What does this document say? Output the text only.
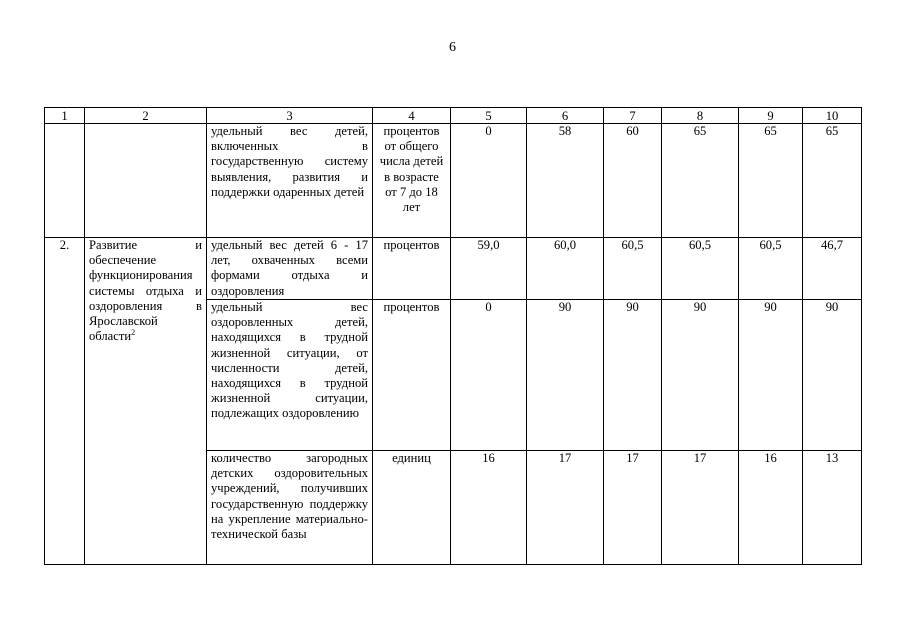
6
1	2	3	4	5	6	7	8	9	10
		удельный вес детей, включенных в государственную систему выявления, развития и поддержки одаренных детей	процентов от общего числа детей в возрасте от 7 до 18 лет	0	58	60	65	65	65
2.	Развитие и обеспечение функционирования системы отдыха и оздоровления в Ярославской области$^2$	удельный вес детей 6 - 17 лет, охваченных всеми формами отдыха и оздоровления	процентов	59,0	60,0	60,5	60,5	60,5	46,7
		удельный вес оздоровленных детей, находящихся в трудной жизненной ситуации, от численности детей, находящихся в трудной жизненной ситуации, подлежащих оздоровлению	процентов	0	90	90	90	90	90
		количество загородных детских оздоровительных учреждений, получивших государственную поддержку на укрепление материально-технической базы	единиц	16	17	17	17	16	13
